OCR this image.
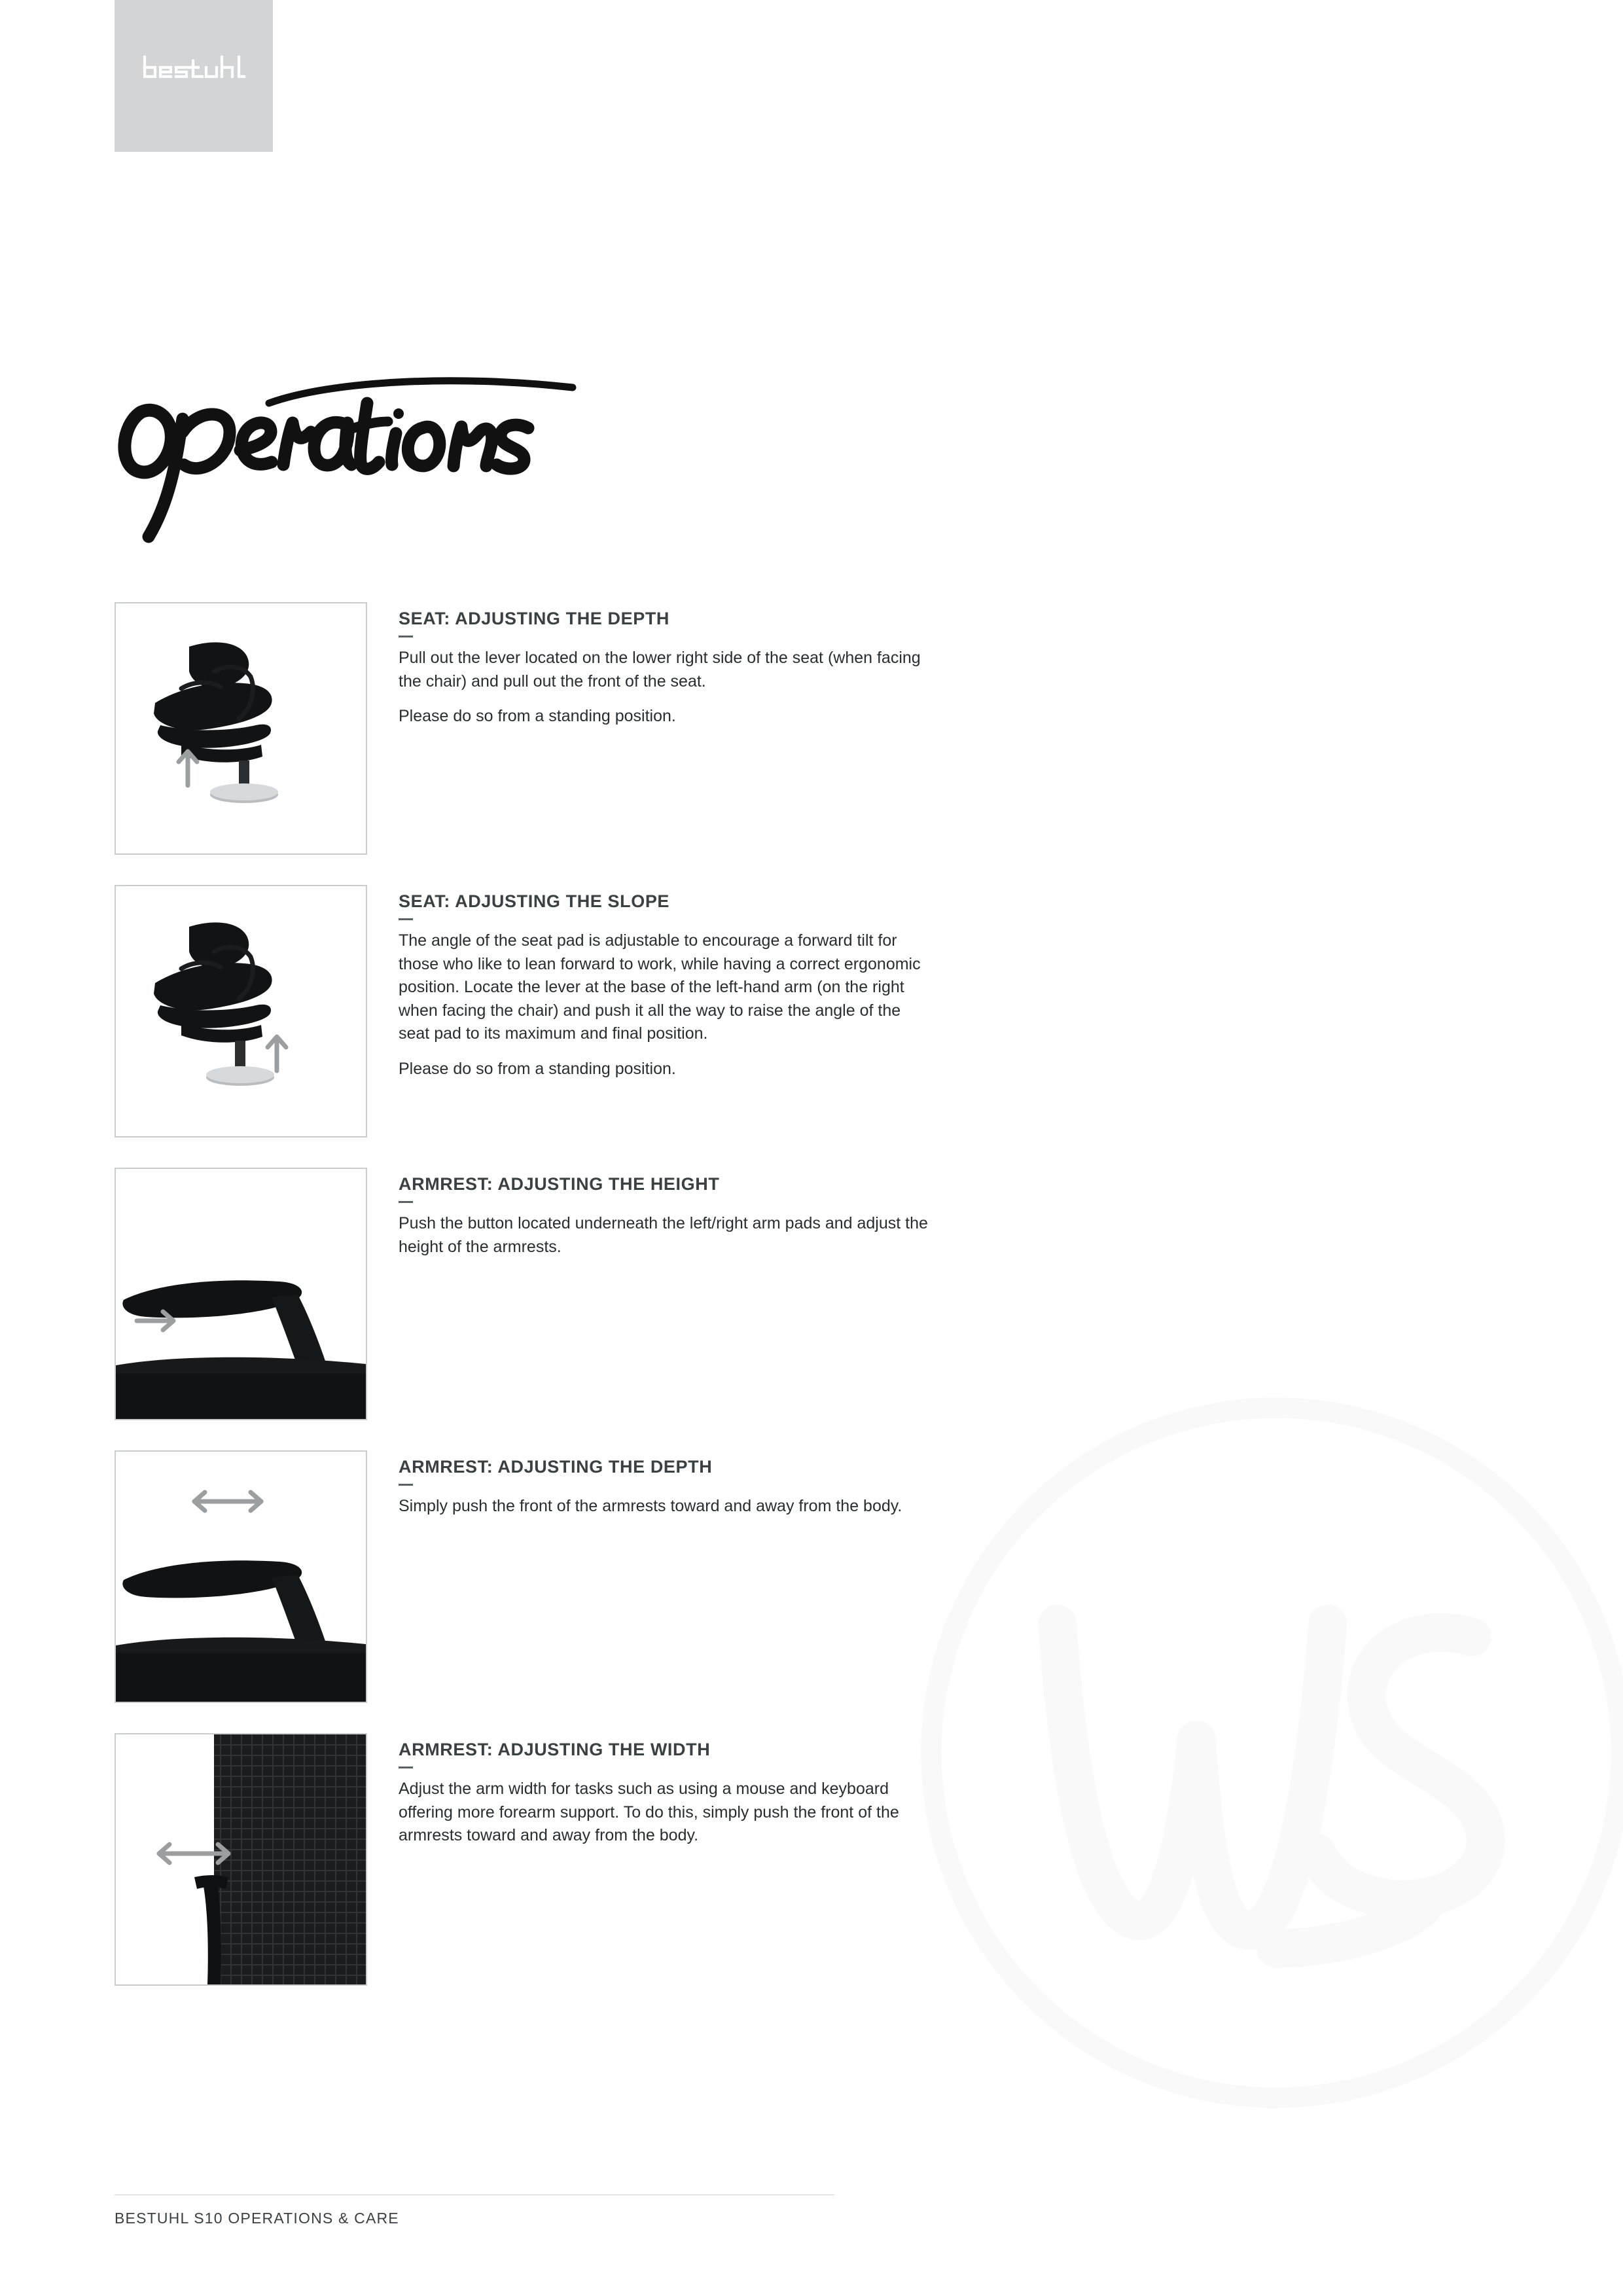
SEAT: ADJUSTING THE DEPTH

Pull out the lever located on the lower right side of the seat (when facing the chair) and pull out the front of the seat.

Please do so from a standing position.

SEAT: ADJUSTING THE SLOPE

The angle of the seat pad is adjustable to encourage a forward tilt for those who like to lean forward to work, while having a correct ergonomic position. Locate the lever at the base of the left-hand arm (on the right when facing the chair) and push it all the way to raise the angle of the seat pad to its maximum and final position.

Please do so from a standing position.

ARMREST: ADJUSTING THE HEIGHT

Push the button located underneath the left/right arm pads and adjust the height of the armrests.

ARMREST: ADJUSTING THE DEPTH

Simply push the front of the armrests toward and away from the body.

ARMREST: ADJUSTING THE WIDTH

Adjust the arm width for tasks such as using a mouse and keyboard offering more forearm support. To do this, simply push the front of the armrests toward and away from the body.

BESTUHL S10 OPERATIONS & CARE
